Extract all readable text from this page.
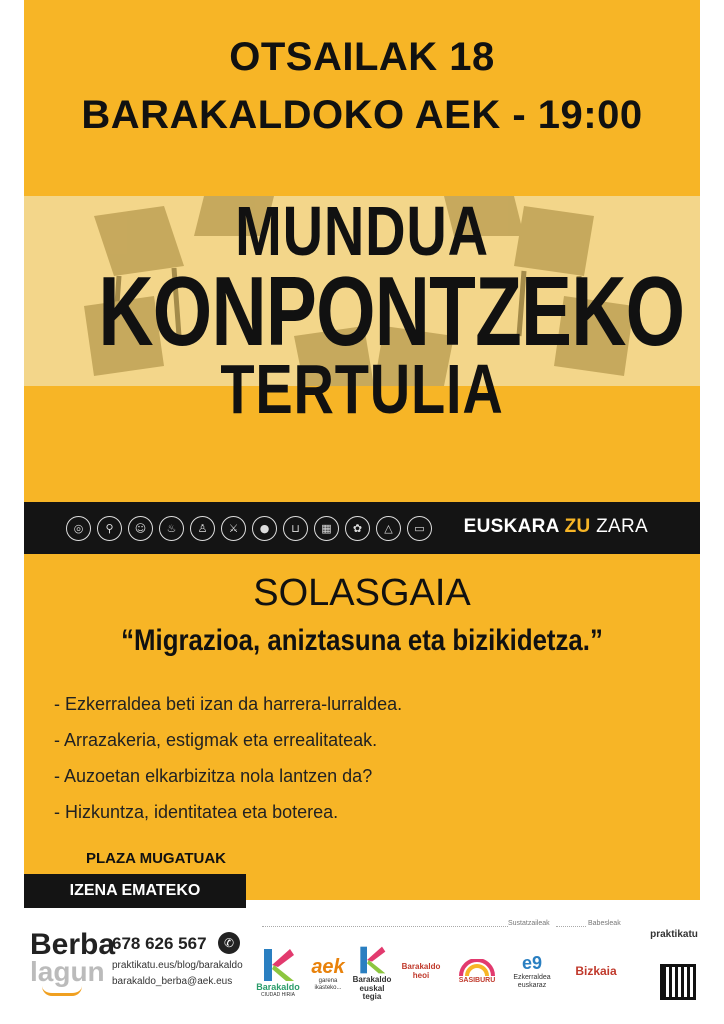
OTSAILAK 18
BARAKALDOKO AEK - 19:00
MUNDUA
KONPONTZEKO
TERTULIA
◎	⚲	☺	♨	♙	⚔	●	⊔	▦	✿	△	▭	EUSKARA ZU ZARA
SOLASGAIA
“Migrazioa, aniztasuna eta bizikidetza.”
- Ezkerraldea beti izan da harrera-lurraldea.
- Arrazakeria, estigmak eta errealitateak.
- Auzoetan elkarbizitza nola lantzen da?
- Hizkuntza, identitatea eta boterea.
PLAZA MUGATUAK
IZENA EMATEKO
Berba
lagun
678 626 567	✆
praktikatu.eus/blog/barakaldo
barakaldo_berba@aek.eus
Sustatzaileak	Babesleak
Barakaldo
CIUDAD HIRIA
aek
garena ikasteko...
Barakaldo euskal tegia
Barakaldo heoi
SASIBURU
e9
Ezkerraldea euskaraz
Bizkaia
praktikatu
